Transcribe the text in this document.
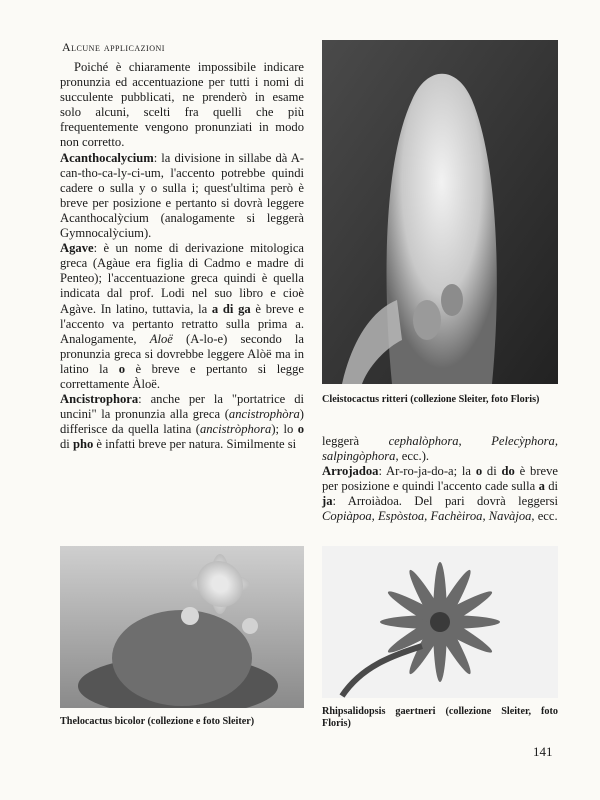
Alcune applicazioni

Poiché è chiaramente impossibile indicare pronunzia ed accentuazione per tutti i nomi di succulente pubblicati, ne prenderò in esame solo alcuni, scelti fra quelli che più frequentemente vengono pronunziati in modo non corretto.

Acanthocalycium: la divisione in sillabe dà A-can-tho-ca-ly-ci-um, l'accento potrebbe quindi cadere o sulla y o sulla i; quest'ultima però è breve per posizione e pertanto si dovrà leggere Acanthocalỳcium (analogamente si leggerà Gymnocalỳcium).

Agave: è un nome di derivazione mitologica greca (Agàue era figlia di Cadmo e madre di Penteo); l'accentuazione greca quindi è quella indicata dal prof. Lodi nel suo libro e cioè Agàve. In latino, tuttavia, la a di ga è breve e l'accento va pertanto retratto sulla prima a. Analogamente, Aloë (A-lo-e) secondo la pronunzia greca si dovrebbe leggere Alòë ma in latino la o è breve e pertanto si legge correttamente Àloë.

Ancistrophora: anche per la "portatrice di uncini" la pronunzia alla greca (ancistrophòra) differisce da quella latina (ancistròphora); lo o di pho è infatti breve per natura. Similmente si

Cleistocactus ritteri (collezione Sleiter, foto Floris)

leggerà cephalòphora, Pelecỳphora, salpingòphora, ecc.).

Arrojadoa: Ar-ro-ja-do-a; la o di do è breve per posizione e quindi l'accento cade sulla a di ja: Arroiàdoa. Del pari dovrà leggersi Copiàpoa, Espòstoa, Fachèiroa, Navàjoa, ecc.

Thelocactus bicolor (collezione e foto Sleiter)
Rhipsalidopsis gaertneri (collezione Sleiter, foto Floris)
141
